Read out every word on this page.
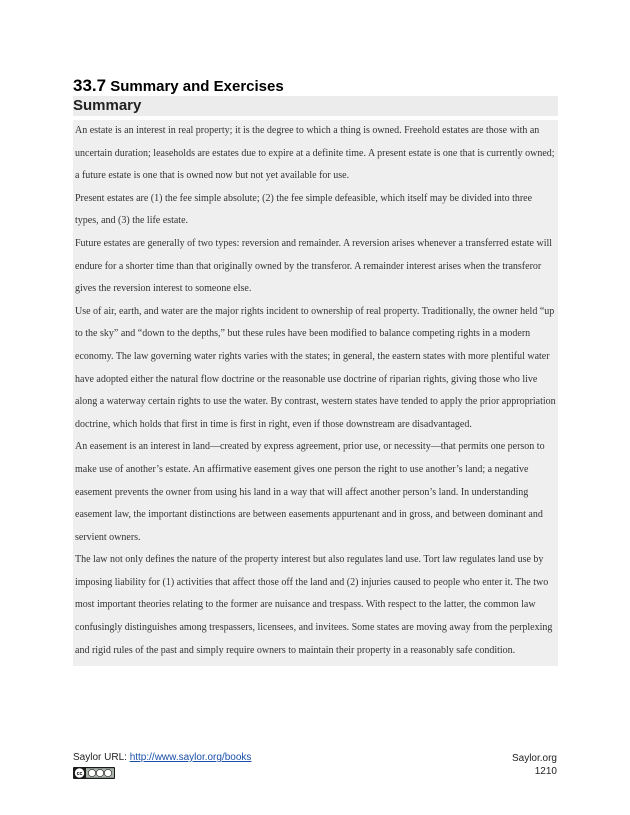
33.7 Summary and Exercises
Summary

An estate is an interest in real property; it is the degree to which a thing is owned. Freehold estates are those with an uncertain duration; leaseholds are estates due to expire at a definite time. A present estate is one that is currently owned; a future estate is one that is owned now but not yet available for use.

Present estates are (1) the fee simple absolute; (2) the fee simple defeasible, which itself may be divided into three types, and (3) the life estate.

Future estates are generally of two types: reversion and remainder. A reversion arises whenever a transferred estate will endure for a shorter time than that originally owned by the transferor. A remainder interest arises when the transferor gives the reversion interest to someone else.

Use of air, earth, and water are the major rights incident to ownership of real property. Traditionally, the owner held “up to the sky” and “down to the depths,” but these rules have been modified to balance competing rights in a modern economy. The law governing water rights varies with the states; in general, the eastern states with more plentiful water have adopted either the natural flow doctrine or the reasonable use doctrine of riparian rights, giving those who live along a waterway certain rights to use the water. By contrast, western states have tended to apply the prior appropriation doctrine, which holds that first in time is first in right, even if those downstream are disadvantaged.

An easement is an interest in land—created by express agreement, prior use, or necessity—that permits one person to make use of another’s estate. An affirmative easement gives one person the right to use another’s land; a negative easement prevents the owner from using his land in a way that will affect another person’s land. In understanding easement law, the important distinctions are between easements appurtenant and in gross, and between dominant and servient owners.

The law not only defines the nature of the property interest but also regulates land use. Tort law regulates land use by imposing liability for (1) activities that affect those off the land and (2) injuries caused to people who enter it. The two most important theories relating to the former are nuisance and trespass. With respect to the latter, the common law confusingly distinguishes among trespassers, licensees, and invitees. Some states are moving away from the perplexing and rigid rules of the past and simply require owners to maintain their property in a reasonably safe condition.

Saylor URL: http://www.saylor.org/books
cc
Saylor.org
1210
